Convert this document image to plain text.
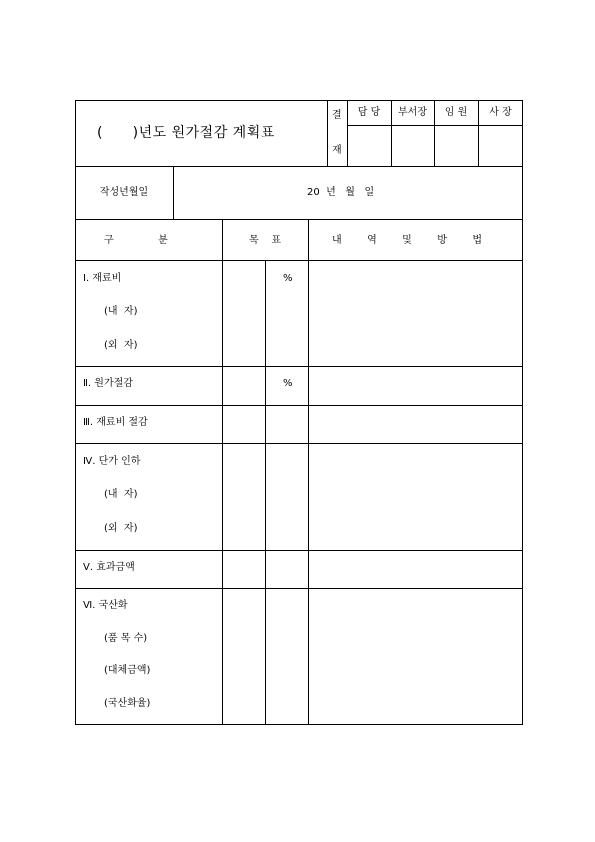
(      )년도 원가절감 계획표
결
재
담 당	부서장	임 원	사 장
작성년월일	20  년   월   일
구              분	목    표	내        역        및        방        법
Ⅰ. 재료비	%
(내  자)
(외  자)
Ⅱ. 원가절감	%
Ⅲ. 재료비 절감
Ⅳ. 단가 인하
(내  자)
(외  자)
Ⅴ. 효과금액
Ⅵ. 국산화
(품 목 수)
(대체금액)
(국산화율)
